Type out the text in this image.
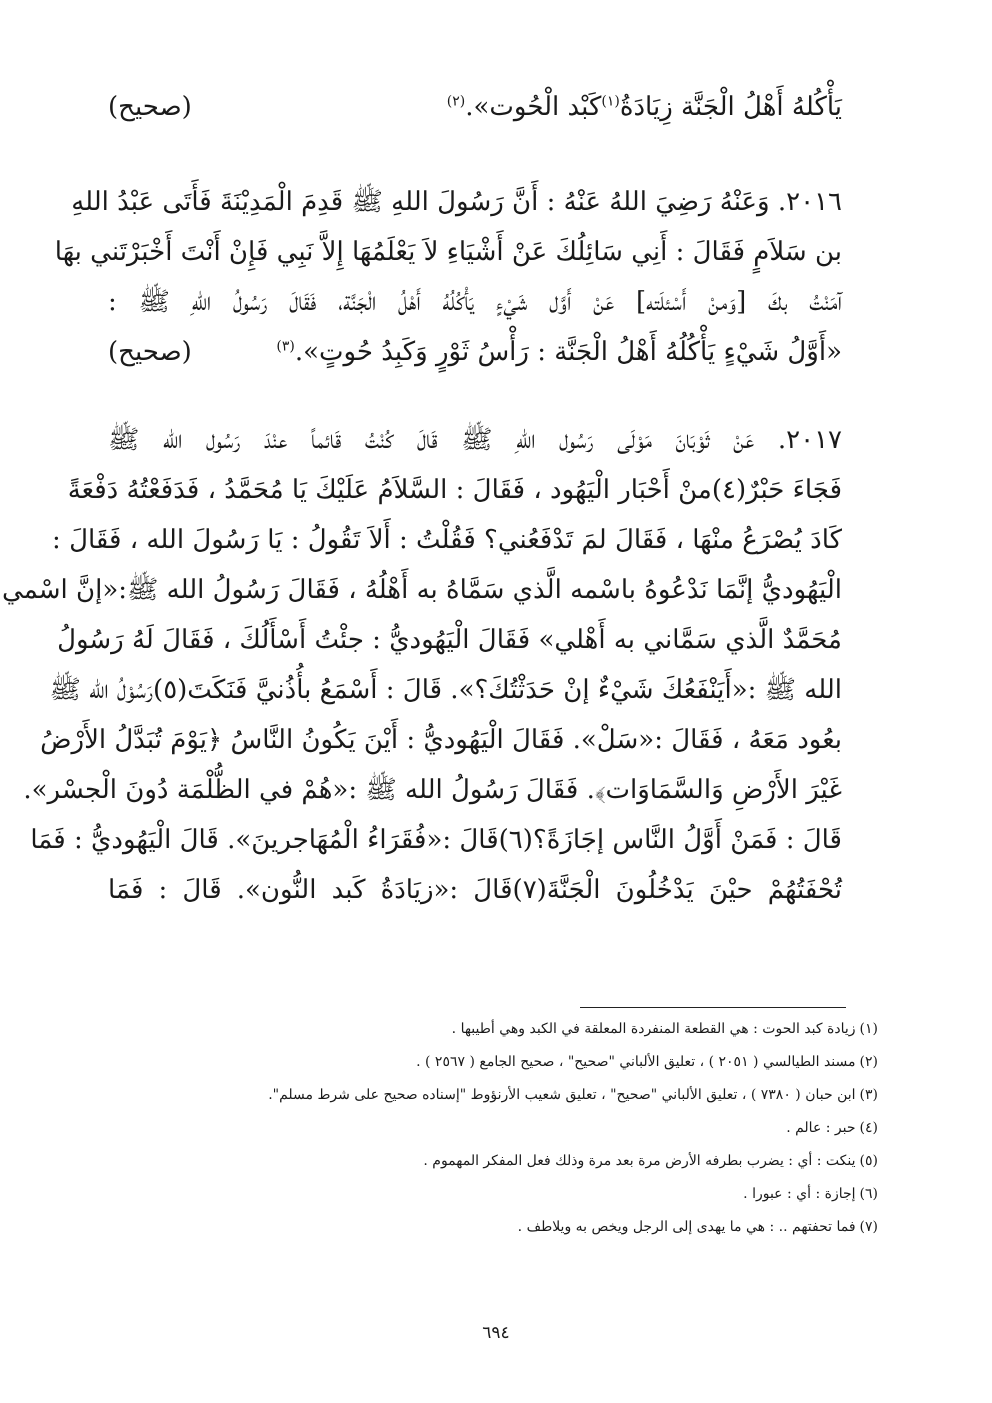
يَأْكُلهُ أَهْلُ الْجَنَّة زِيَادَةُ$^{(١)}$كَبْد الْحُوت».$^{(٢)}$
( صحيح )
٢٠١٦. وَعَنْهُ رَضِيَ اللهُ عَنْهُ : أَنَّ رَسُولَ اللهِ ﷺ قَدِمَ الْمَدِيْنَةَ فَأَتَى عَبْدُ اللهِ
بن سَلاَمٍ فَقَالَ : أَنِي سَائِلُكَ عَنْ أَشْيَاءِ لاَ يَعْلَمُهَا إِلاَّ نَبِي فَإِنْ أَنْتَ أَخْبَرْتَني بهَا
آمَنْتُ بكَ [وَمنْ أَسْئلَته] عَنْ أَوَّل شَيْءٍ يَأْكُلُهُ أَهْلُ الْجَنَّة، فَقَالَ رَسُولُ اللهِ ﷺ :
«أَوَّلُ شَيْءٍ يَأْكُلُهُ أَهْلُ الْجَنَّة : رَأْسُ ثَوْرٍ وَكَبِدُ حُوتٍ».$^{(٣)}$
( صحيح )
٢٠١٧. عَنْ ثَوْبَانَ مَوْلَى رَسُول اللهِ ﷺ قَالَ كُنْتُ قَائماً عنْدَ رَسُول الله ﷺ
فَجَاءَ حَبْرٌ(٤)منْ أَحْبَار الْيَهُود ، فَقَالَ : السَّلاَمُ عَلَيْكَ يَا مُحَمَّدُ ، فَدَفَعْتُهُ دَفْعَةً
كَادَ يُصْرَعُ منْهَا ، فَقَالَ لمَ تَدْفَعُني؟ فَقُلْتُ : أَلاَ تَقُولُ : يَا رَسُولَ الله ، فَقَالَ :
الْيَهُوديُّ إنَّمَا نَدْعُوهُ باسْمه الَّذي سَمَّاهُ به أَهْلُهُ ، فَقَالَ رَسُولُ الله ﷺ:«إنَّ اسْمي
مُحَمَّدٌ الَّذي سَمَّاني به أَهْلي» فَقَالَ الْيَهُوديُّ : جئْتُ أَسْأَلُكَ ، فَقَالَ لَهُ رَسُولُ
الله ﷺ :«أَيَنْفَعُكَ شَيْءٌ إنْ حَدَثْتُكَ؟». قَالَ : أَسْمَعُ بأُذُنيَّ فَنَكَتَ(٥)رَسُوْلُ الله ﷺ
بعُود مَعَهُ ، فَقَالَ :«سَلْ». فَقَالَ الْيَهُوديُّ : أَيْنَ يَكُونُ النَّاسُ ﴿يَوْمَ تُبَدَّلُ الأَرْضُ
غَيْرَ الأَرْضِ وَالسَّمَاوَات﴾. فَقَالَ رَسُولُ الله ﷺ :«هُمْ في الظُّلْمَة دُونَ الْجسْر».
قَالَ : فَمَنْ أَوَّلُ النَّاس إجَازَةً؟(٦)قَالَ :«فُقَرَاءُ الْمُهَاجرينَ». قَالَ الْيَهُوديُّ : فَمَا
تُحْفَتُهُمْ حيْنَ يَدْخُلُونَ الْجَنَّةَ(٧)قَالَ :«زيَادَةُ كَبد النُّون». قَالَ : فَمَا
(١)زيادة كبد الحوت : هي القطعة المنفردة المعلقة في الكبد وهي أطيبها .
(٢)مسند الطيالسي ( ٢٠٥١ ) ، تعليق الألباني "صحيح" ، صحيح الجامع ( ٢٥٦٧ ) .
(٣)ابن حبان ( ٧٣٨٠ ) ، تعليق الألباني "صحيح" ، تعليق شعيب الأرنؤوط "إسناده صحيح على شرط مسلم".
(٤)حبر : عالم .
(٥)ينكت : أي : يضرب بطرفه الأرض مرة بعد مرة وذلك فعل المفكر المهموم .
(٦)إجازة : أي : عبورا .
(٧)فما تحفتهم .. : هي ما يهدى إلى الرجل ويخص به ويلاطف .
٦٩٤
